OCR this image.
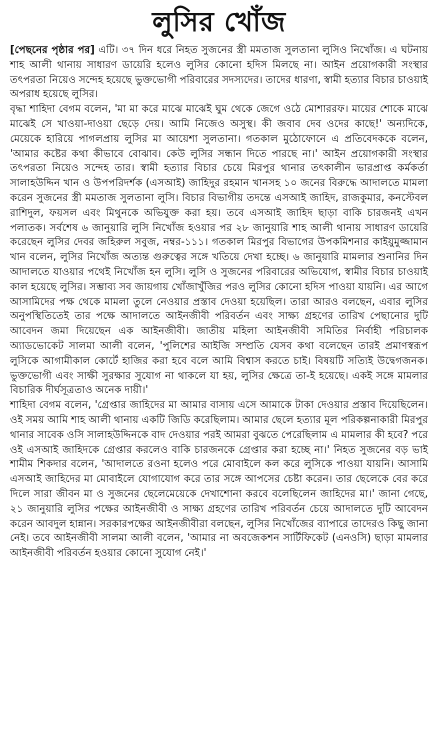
লুসির খোঁজ

[পেছনের পৃষ্ঠার পর] এটি। ৩৭ দিন ধরে নিহত সুজনের স্ত্রী মমতাজ সুলতানা লুসিও নিখোঁজ। এ ঘটনায় শাহ আলী থানায় সাধারণ ডায়েরি হলেও লুসির কোনো হদিস মিলছে না। আইন প্রয়োগকারী সংস্থার তৎপরতা নিয়েও সন্দেহ হয়েছে ভুক্তভোগী পরিবারের সদস্যদের। তাদের ধারণা, স্বামী হত্যার বিচার চাওয়াই অপরাধ হয়েছে লুসির।

বৃদ্ধা শাহিদা বেগম বলেন, 'মা মা করে মাঝে মাঝেই ঘুম থেকে জেগে ওঠে মোশাররফ। মায়ের শোকে মাঝে মাঝেই সে খাওয়া-দাওয়া ছেড়ে দেয়। আমি নিজেও অসুস্থ। কী জবাব দেব ওদের কাছে!' অন্যদিকে, মেয়েকে হারিয়ে পাগলপ্রায় লুসির মা আয়েশা সুলতানা। গতকাল মুঠোফোনে এ প্রতিবেদককে বলেন, 'আমার কষ্টের কথা কীভাবে বোঝাব। কেউ লুসির সন্ধান দিতে পারছে না।' আইন প্রয়োগকারী সংস্থার তৎপরতা নিয়েও সন্দেহ তার। স্বামী হত্যার বিচার চেয়ে মিরপুর থানার তৎকালীন ভারপ্রাপ্ত কর্মকর্তা সালাহউদ্দিন খান ও উপপরিদর্শক (এসআই) জাহিদুর রহমান খানসহ ১০ জনের বিরুদ্ধে আদালতে মামলা করেন সুজনের স্ত্রী মমতাজ সুলতানা লুসি। বিচার বিভাগীয় তদন্তে এসআই জাহিদ, রাজকুমার, কনস্টেবল রাশিদুল, ফয়সল এবং মিথুনকে অভিযুক্ত করা হয়। তবে এসআই জাহিদ ছাড়া বাকি চারজনই এখন পলাতক। সর্বশেষ ৬ জানুয়ারি লুসি নিখোঁজ হওয়ার পর ২৮ জানুয়ারি শাহ আলী থানায় সাধারণ ডায়েরি করেছেন লুসির দেবর জহিরুল সবুজ, নম্বর-১১১। গতকাল মিরপুর বিভাগের উপকমিশনার কাইয়ুমুজ্জামান খান বলেন, লুসির নিখোঁজ অত্যন্ত গুরুত্বের সঙ্গে খতিয়ে দেখা হচ্ছে। ৬ জানুয়ারি মামলার শুনানির দিন আদালতে যাওয়ার পথেই নিখোঁজ হন লুসি। লুসি ও সুজনের পরিবারের অভিযোগ, স্বামীর বিচার চাওয়াই কাল হয়েছে লুসির। সম্ভাব্য সব জায়গায় খোঁজাখুঁজির পরও লুসির কোনো হদিস পাওয়া যায়নি। এর আগে আসামিদের পক্ষ থেকে মামলা তুলে নেওয়ার প্রস্তাব দেওয়া হয়েছিল। তারা আরও বলছেন, এবার লুসির অনুপস্থিতিতেই তার পক্ষে আদালতে আইনজীবী পরিবর্তন এবং সাক্ষ্য গ্রহণের তারিখ পেছানোর দুটি আবেদন জমা দিয়েছেন এক আইনজীবী। জাতীয় মহিলা আইনজীবী সমিতির নির্বাহী পরিচালক অ্যাডভোকেট সালমা আলী বলেন, 'পুলিশের আইজি সম্প্রতি যেসব কথা বলেছেন তারই প্রমাণস্বরূপ লুসিকে আগামীকাল কোর্টে হাজির করা হবে বলে আমি বিশ্বাস করতে চাই। বিষয়টি সত্যিই উদ্বেগজনক। ভুক্তভোগী এবং সাক্ষী সুরক্ষার সুযোগ না থাকলে যা হয়, লুসির ক্ষেত্রে তা-ই হয়েছে। একই সঙ্গে মামলার বিচারিক দীর্ঘসূত্রতাও অনেক দায়ী।'

শাহিদা বেগম বলেন, 'গ্রেপ্তার জাহিদের মা আমার বাসায় এসে আমাকে টাকা দেওয়ার প্রস্তাব দিয়েছিলেন। ওই সময় আমি শাহ আলী থানায় একটি জিডি করেছিলাম। আমার ছেলে হত্যার মূল পরিকল্পনাকারী মিরপুর থানার সাবেক ওসি সালাহউদ্দিনকে বাদ দেওয়ার পরই আমরা বুঝতে পেরেছিলাম এ মামলার কী হবে? পরে ওই এসআই জাহিদকে গ্রেপ্তার করলেও বাকি চারজনকে গ্রেপ্তার করা হচ্ছে না।' নিহত সুজনের বড় ভাই শামীম শিকদার বলেন, 'আদালতে রওনা হলেও পরে মোবাইলে কল করে লুসিকে পাওয়া যায়নি। আসামি এসআই জাহিদের মা মোবাইলে যোগাযোগ করে তার সঙ্গে আপসের চেষ্টা করেন। তার ছেলেকে বের করে দিলে সারা জীবন মা ও সুজনের ছেলেমেয়েকে দেখাশোনা করবে বলেছিলেন জাহিদের মা।' জানা গেছে, ২১ জানুয়ারি লুসির পক্ষের আইনজীবী ও সাক্ষ্য গ্রহণের তারিখ পরিবর্তন চেয়ে আদালতে দুটি আবেদন করেন আবদুল হান্নান। সরকারপক্ষের আইনজীবীরা বলছেন, লুসির নিখোঁজের ব্যাপারে তাদেরও কিছু জানা নেই। তবে আইনজীবী সালমা আলী বলেন, 'আমার না অবজেকশন সার্টিফিকেট (এনওসি) ছাড়া মামলার আইনজীবী পরিবর্তন হওয়ার কোনো সুযোগ নেই।'
